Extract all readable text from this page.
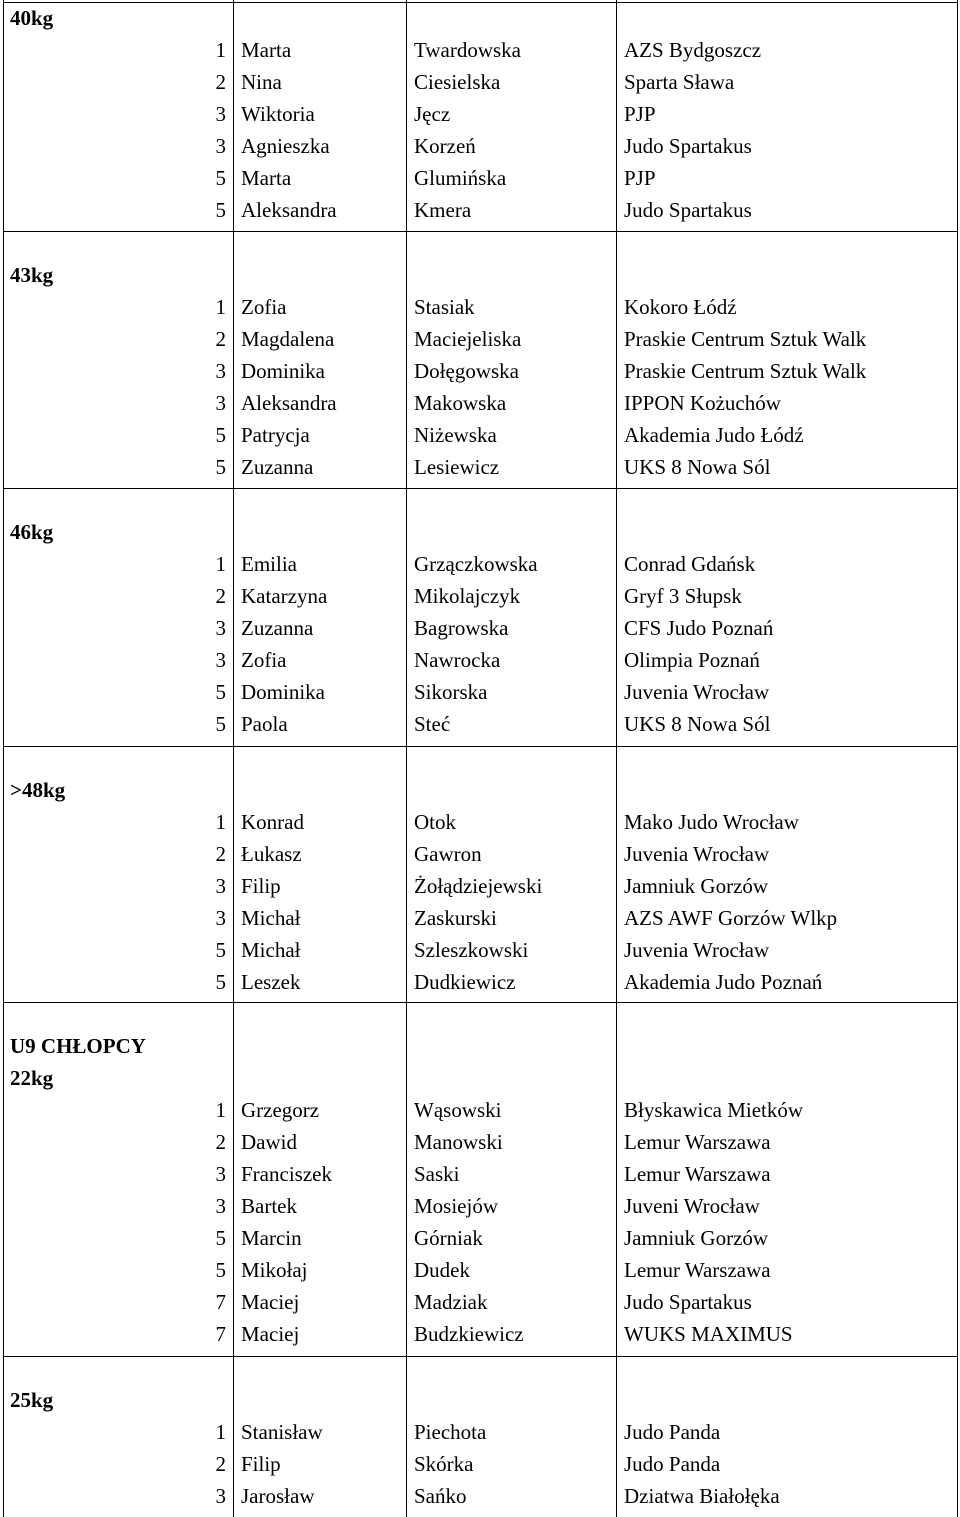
40kg
1 Marta	Twardowska	AZS Bydgoszcz
2 Nina	Ciesielska	Sparta Sława
3 Wiktoria	Jęcz	PJP
3 Agnieszka	Korzeń	Judo Spartakus
5 Marta	Glumińska	PJP
5 Aleksandra	Kmera	Judo Spartakus
43kg
1 Zofia	Stasiak	Kokoro Łódź
2 Magdalena	Maciejeliska	Praskie Centrum Sztuk Walk
3 Dominika	Dołęgowska	Praskie Centrum Sztuk Walk
3 Aleksandra	Makowska	IPPON Kożuchów
5 Patrycja	Niżewska	Akademia Judo Łódź
5 Zuzanna	Lesiewicz	UKS 8 Nowa Sól
46kg
1 Emilia	Grzączkowska	Conrad Gdańsk
2 Katarzyna	Mikolajczyk	Gryf 3 Słupsk
3 Zuzanna	Bagrowska	CFS Judo Poznań
3 Zofia	Nawrocka	Olimpia Poznań
5 Dominika	Sikorska	Juvenia Wrocław
5 Paola	Steć	UKS 8 Nowa Sól
>48kg
1 Konrad	Otok	Mako Judo Wrocław
2 Łukasz	Gawron	Juvenia Wrocław
3 Filip	Żołądziejewski	Jamniuk Gorzów
3 Michał	Zaskurski	AZS AWF Gorzów Wlkp
5 Michał	Szleszkowski	Juvenia Wrocław
5 Leszek	Dudkiewicz	Akademia Judo Poznań
U9 CHŁOPCY
22kg
1 Grzegorz	Wąsowski	Błyskawica Mietków
2 Dawid	Manowski	Lemur Warszawa
3 Franciszek	Saski	Lemur Warszawa
3 Bartek	Mosiejów	Juveni Wrocław
5 Marcin	Górniak	Jamniuk Gorzów
5 Mikołaj	Dudek	Lemur Warszawa
7 Maciej	Madziak	Judo Spartakus
7 Maciej	Budzkiewicz	WUKS MAXIMUS
25kg
1 Stanisław	Piechota	Judo Panda
2 Filip	Skórka	Judo Panda
3 Jarosław	Sańko	Dziatwa Białołęka
